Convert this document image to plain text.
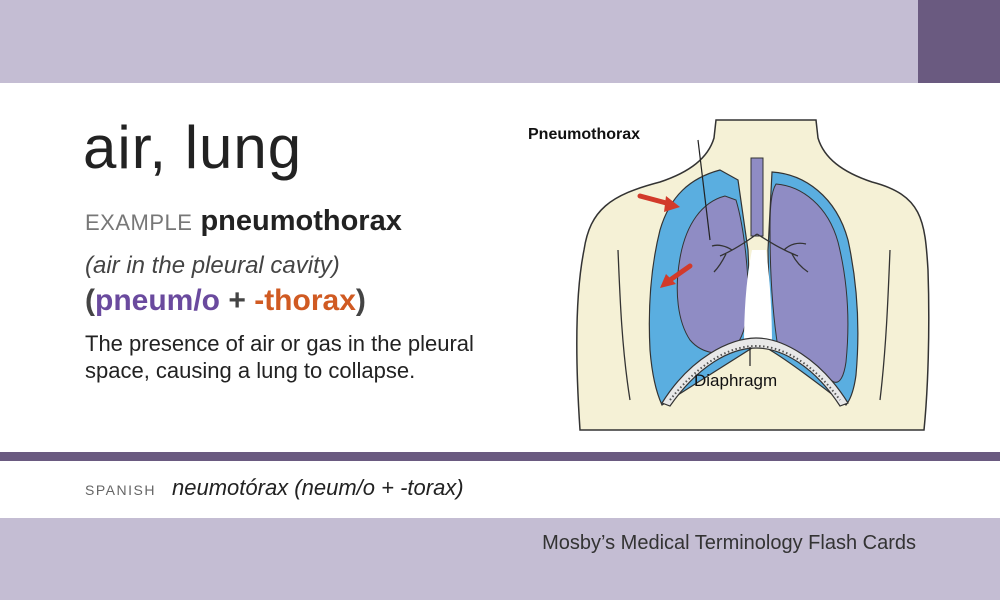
air, lung
EXAMPLE pneumothorax
(air in the pleural cavity)
(pneum/o + -thorax)

The presence of air or gas in the pleural space, causing a lung to collapse.

Pneumothorax
Diaphragm
SPANISH neumotórax (neum/o + -torax)
Mosby’s Medical Terminology Flash Cards
